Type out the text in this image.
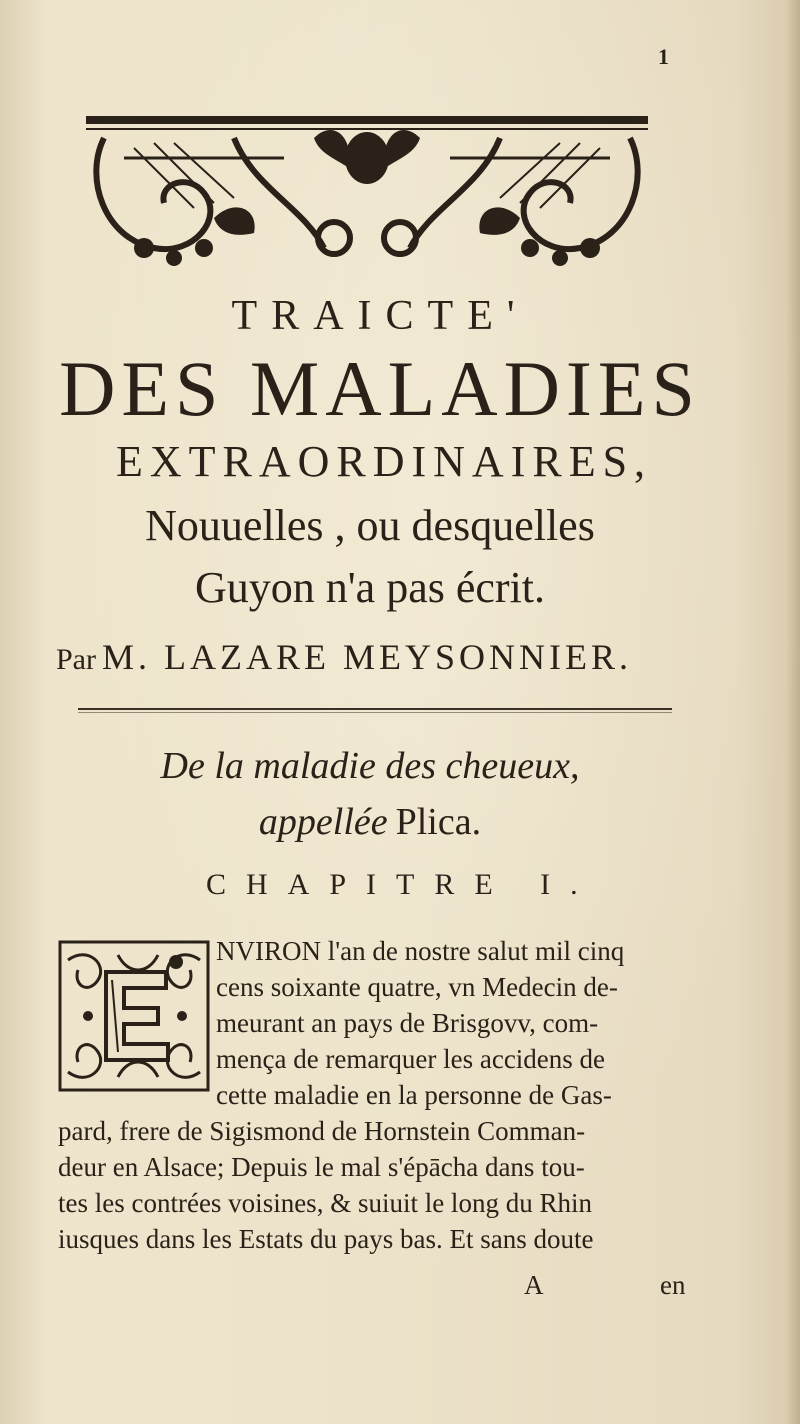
1
TRAICTE'
DES MALADIES
EXTRAORDINAIRES,
Nouuelles , ou desquelles
Guyon n'a pas écrit.
Par M. LAZARE MEYSONNIER.
De la maladie des cheueux,
appellée Plica.
CHAPITRE I.
NVIRON l'an de nostre salut mil cinq
cens soixante quatre, vn Medecin de-
meurant an pays de Brisgovv, com-
mença de remarquer les accidens de
cette maladie en la personne de Gas-
pard, frere de Sigismond de Hornstein Comman-
deur en Alsace; Depuis le mal s'épācha dans tou-
tes les contrées voisines, & suiuit le long du Rhin
iusques dans les Estats du pays bas. Et sans doute
A	en
